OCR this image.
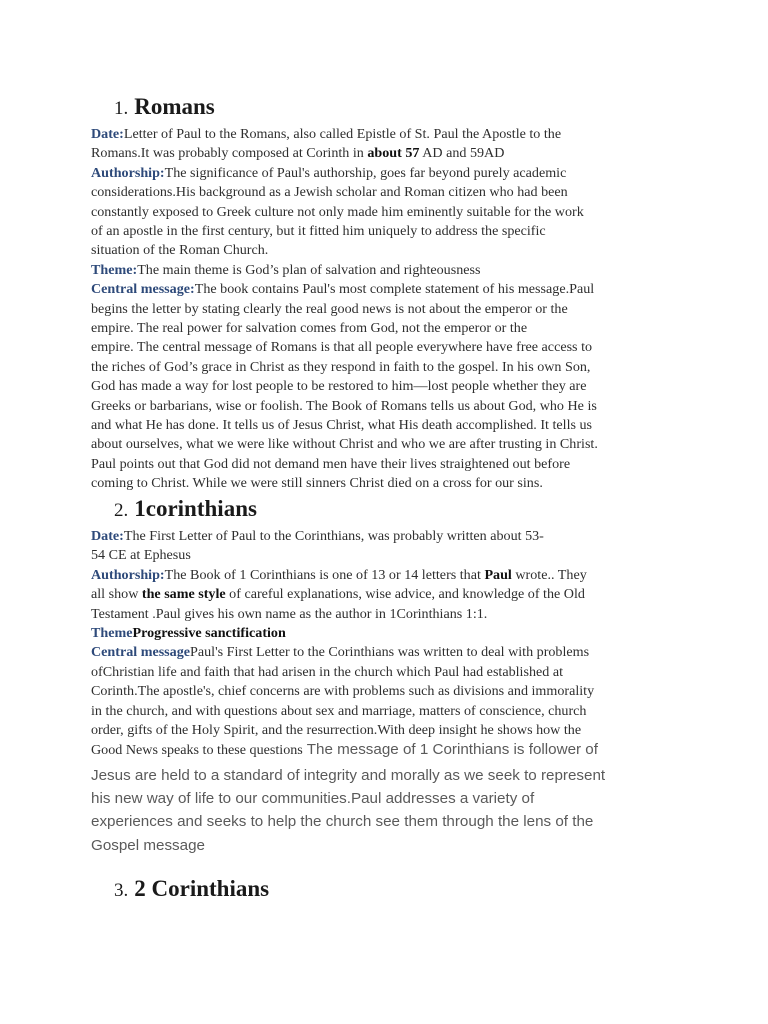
1. Romans
Date:Letter of Paul to the Romans, also called Epistle of St. Paul the Apostle to the
Romans.It was probably composed at Corinth in about 57 AD and 59AD
Authorship:The significance of Paul's authorship, goes far beyond purely academic
considerations.His background as a Jewish scholar and Roman citizen who had been
constantly exposed to Greek culture not only made him eminently suitable for the work
of an apostle in the first century, but it fitted him uniquely to address the specific
situation of the Roman Church.
Theme:The main theme is God’s plan of salvation and righteousness
Central message:The book contains Paul's most complete statement of his message.Paul
begins the letter by stating clearly the real good news is not about the emperor or the
empire. The real power for salvation comes from God, not the emperor or the
empire. The central message of Romans is that all people everywhere have free access to
the riches of God’s grace in Christ as they respond in faith to the gospel. In his own Son,
God has made a way for lost people to be restored to him—lost people whether they are
Greeks or barbarians, wise or foolish. The Book of Romans tells us about God, who He is
and what He has done. It tells us of Jesus Christ, what His death accomplished. It tells us
about ourselves, what we were like without Christ and who we are after trusting in Christ.
Paul points out that God did not demand men have their lives straightened out before
coming to Christ. While we were still sinners Christ died on a cross for our sins.
2. 1corinthians
Date:The First Letter of Paul to the Corinthians, was probably written about 53-
54 CE at Ephesus
Authorship:The Book of 1 Corinthians is one of 13 or 14 letters that Paul wrote.. They
all show the same style of careful explanations, wise advice, and knowledge of the Old
Testament .Paul gives his own name as the author in 1Corinthians 1:1.
ThemeProgressive sanctification
Central messagePaul's First Letter to the Corinthians was written to deal with problems
ofChristian life and faith that had arisen in the church which Paul had established at
Corinth.The apostle's, chief concerns are with problems such as divisions and immorality
in the church, and with questions about sex and marriage, matters of conscience, church
order, gifts of the Holy Spirit, and the resurrection.With deep insight he shows how the
Good News speaks to these questions The message of 1 Corinthians is follower of
Jesus are held to a standard of integrity and morally as we seek to represent
his new way of life to our communities.Paul addresses a variety of
experiences and seeks to help the church see them through the lens of the
Gospel message
3. 2 Corinthians
